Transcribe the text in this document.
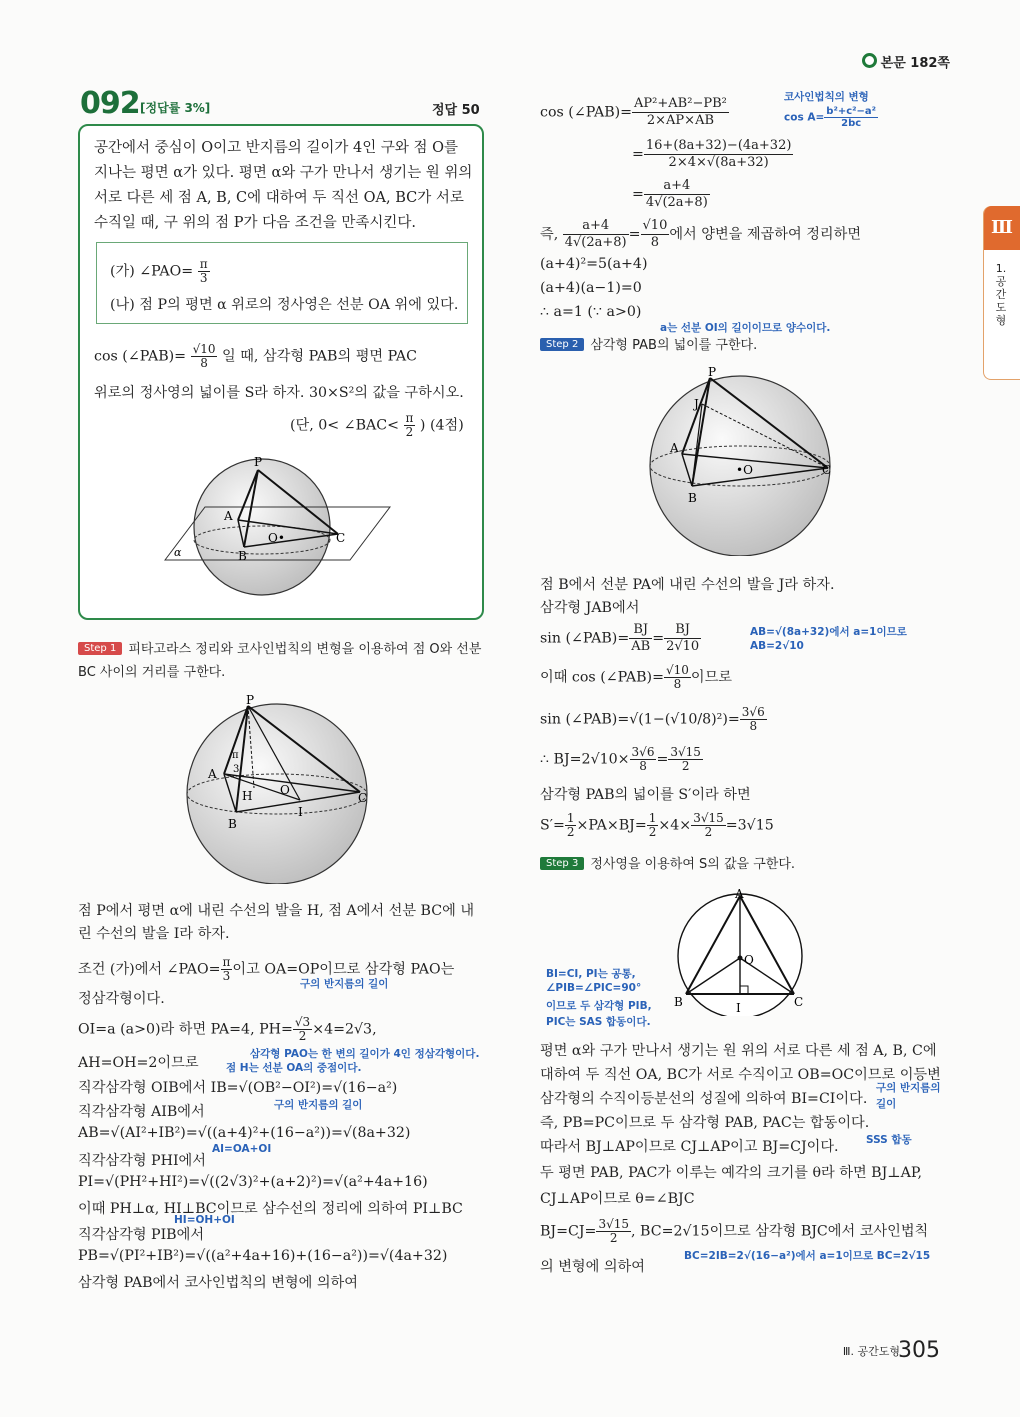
본문 182쪽
092 [정답률 3%]	정답 50
공간에서 중심이 O이고 반지름의 길이가 4인 구와 점 O를 지나는 평면 α가 있다. 평면 α와 구가 만나서 생기는 원 위의 서로 다른 세 점 A, B, C에 대하여 두 직선 OA, BC가 서로 수직일 때, 구 위의 점 P가 다음 조건을 만족시킨다.
(가) ∠PAO= $\frac{\pi}{3}$
(나) 점 P의 평면 α 위로의 정사영은 선분 OA 위에 있다.
cos (∠PAB)= $\frac{√10}{8}$ 일 때, 삼각형 PAB의 평면 PAC
위로의 정사영의 넓이를 S라 하자. 30×S²의 값을 구하시오.
(단, 0< ∠BAC< $\frac{\pi}{2}$ ) (4점)
P
A
B
C
O•
α
Step 1 피타고라스 정리와 코사인법칙의 변형을 이용하여 점 O와 선분
BC 사이의 거리를 구한다.
P
A
B
C
H O
I
π
3
점 P에서 평면 α에 내린 수선의 발을 H, 점 A에서 선분 BC에 내
린 수선의 발을 I라 하자.
조건 (가)에서 ∠PAO= $\frac{\pi}{3}$ 이고 OA=OP이므로 삼각형 PAO는
구의 반지름의 길이
정삼각형이다.
OI=a (a>0)라 하면 PA=4, $PH= \frac{√3}{2} \times 4=2√3$,
삼각형 PAO는 한 변의 길이가 4인 정삼각형이다.
AH=OH=2이므로	점 H는 선분 OA의 중점이다.
직각삼각형 OIB에서 IB=√(OB²−OI²)=√(16−a²)
구의 반지름의 길이
직각삼각형 AIB에서
AB=√(AI²+IB²)=√((a+4)²+(16−a²))=√(8a+32)
AI=OA+OI
직각삼각형 PHI에서
PI=√(PH²+HI²)=√((2√3)²+(a+2)²)=√(a²+4a+16)
이때 PH⊥α, HI⊥BC이므로 삼수선의 정리에 의하여 PI⊥BC
HI=OH+OI
직각삼각형 PIB에서
PB=√(PI²+IB²)=√((a²+4a+16)+(16−a²))=√(4a+32)
삼각형 PAB에서 코사인법칙의 변형에 의하여
cos (∠PAB)= $\frac{\text{AP²+AB²−PB²}}{2\times AP\times AB}$	코사인법칙의 변형
$\cos A= \frac{\text{b²+c²−a²}}{2bc}$
= $\frac{16+(8a+32)-(4a+32)}{2\times 4\times√(8a+32)}$
= $\frac{a+4}{4√(2a+8)}$
즉, $\frac{a+4}{4√(2a+8)} = \frac{√10}{8}$ 에서 양변을 제곱하여 정리하면
(a+4)²=5(a+4)
(a+4)(a−1)=0
∴ a=1 (∵ a>0)
a는 선분 OI의 길이이므로 양수이다.
Step 2 삼각형 PAB의 넓이를 구한다.
P
J
A
B
C
•O
점 B에서 선분 PA에 내린 수선의 발을 J라 하자.
삼각형 JAB에서
sin (∠PAB)= $\frac{BJ}{AB} = \frac{BJ}{2√10}$	AB=√(8a+32)에서 a=1이므로
AB=2√10
이때 cos (∠PAB)= $\frac{√10}{8}$ 이므로
sin (∠PAB)=√(1−(√10/8)²)= $\frac{3√6}{8}$
∴ $BJ=2√10\times \frac{3√6}{8} = \frac{3√15}{2}$
삼각형 PAB의 넓이를 S′이라 하면
$S'= \frac{1}{2} \times PA\times BJ= \frac{1}{2} \times 4\times \frac{3√15}{2} =3√15$
Step 3 정사영을 이용하여 S의 값을 구한다.
A
B	C
O
I
BI=CI, PI는 공통,
∠PIB=∠PIC=90°
이므로 두 삼각형 PIB,
PIC는 SAS 합동이다.
평면 α와 구가 만나서 생기는 원 위의 서로 다른 세 점 A, B, C에
대하여 두 직선 OA, BC가 서로 수직이고 OB=OC이므로 이등변
구의 반지름의
길이
삼각형의 수직이등분선의 성질에 의하여 BI=CI이다.
즉, PB=PC이므로 두 삼각형 PAB, PAC는 합동이다.
SSS 합동
따라서 BJ⊥AP이므로 CJ⊥AP이고 BJ=CJ이다.
두 평면 PAB, PAC가 이루는 예각의 크기를 θ라 하면 BJ⊥AP,
CJ⊥AP이므로 θ=∠BJC
$BJ=CJ= \frac{3√15}{2}$ , BC=2√15이므로 삼각형 BJC에서 코사인법칙
BC=2IB=2√(16−a²)에서 a=1이므로 BC=2√15
의 변형에 의하여
Ⅲ
1. 공간도형
Ⅲ. 공간도형
305
